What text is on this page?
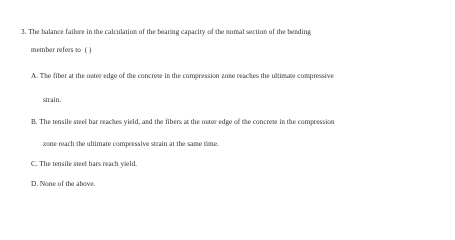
3. The balance failure in the calculation of the bearing capacity of the nomal section of the bending
member refers to ( )
A. The fiber at the outer edge of the concrete in the compression zone reaches the ultimate compressive
strain.
B. The tensile steel bar reaches yield, and the fibers at the outer edge of the concrete in the compression
zone reach the ultimate compressive strain at the same time.
C. The tensile steel bars reach yield.
D. None of the above.
